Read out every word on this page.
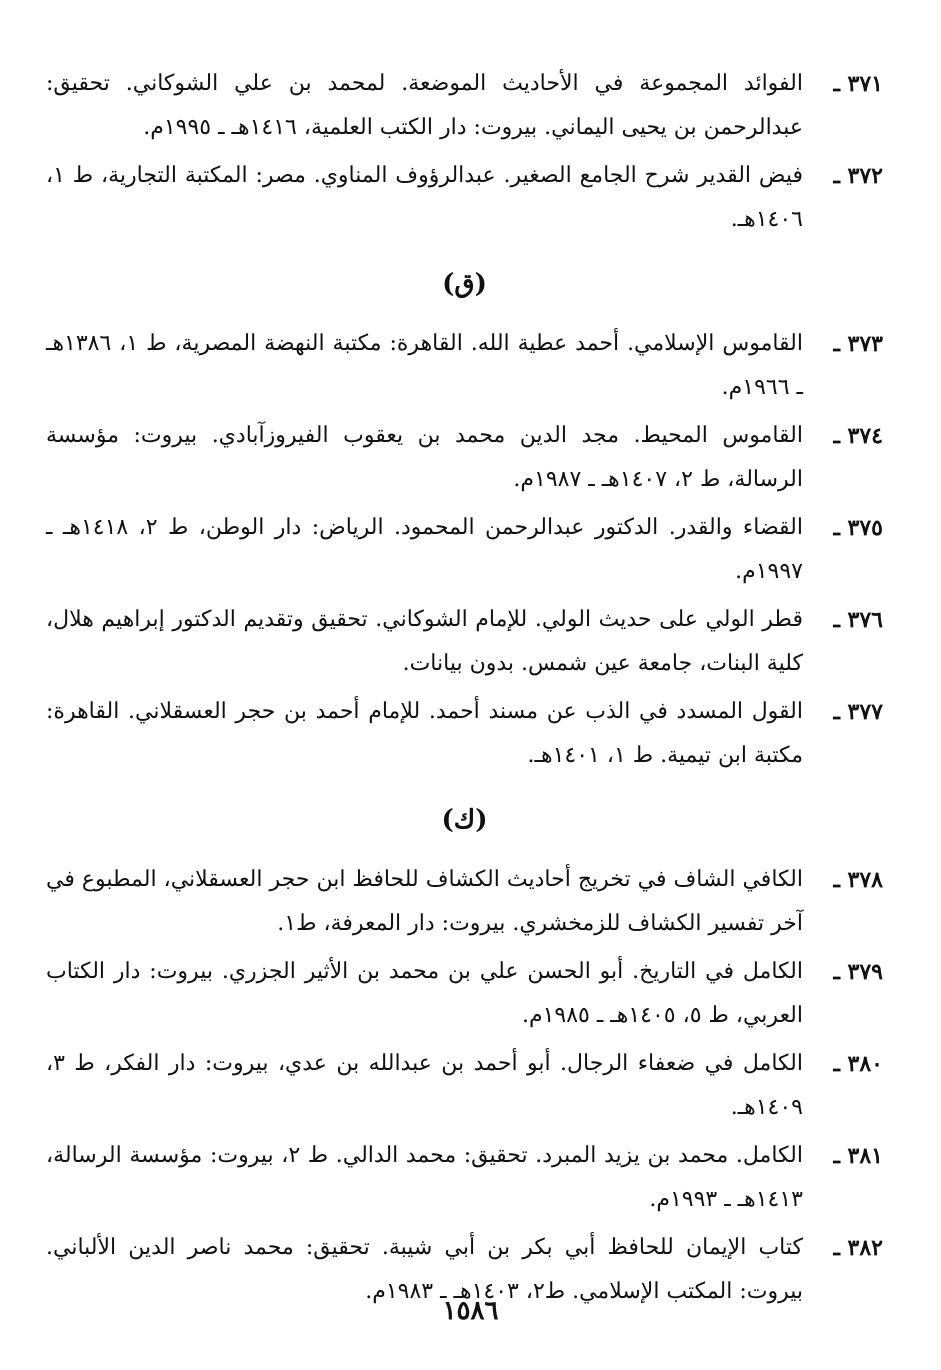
٣٧١ ـ
الفوائد المجموعة في الأحاديث الموضعة. لمحمد بن علي الشوكاني. تحقيق: عبدالرحمن بن يحيى اليماني. بيروت: دار الكتب العلمية، ١٤١٦هـ ـ ١٩٩٥م.
٣٧٢ ـ
فيض القدير شرح الجامع الصغير. عبدالرؤوف المناوي. مصر: المكتبة التجارية، ط ١، ١٤٠٦هـ.
(ق)
٣٧٣ ـ
القاموس الإسلامي. أحمد عطية الله. القاهرة: مكتبة النهضة المصرية، ط ١، ١٣٨٦هـ ـ ١٩٦٦م.
٣٧٤ ـ
القاموس المحيط. مجد الدين محمد بن يعقوب الفيروزآبادي. بيروت: مؤسسة الرسالة، ط ٢، ١٤٠٧هـ ـ ١٩٨٧م.
٣٧٥ ـ
القضاء والقدر. الدكتور عبدالرحمن المحمود. الرياض: دار الوطن، ط ٢، ١٤١٨هـ ـ ١٩٩٧م.
٣٧٦ ـ
قطر الولي على حديث الولي. للإمام الشوكاني. تحقيق وتقديم الدكتور إبراهيم هلال، كلية البنات، جامعة عين شمس. بدون بيانات.
٣٧٧ ـ
القول المسدد في الذب عن مسند أحمد. للإمام أحمد بن حجر العسقلاني. القاهرة: مكتبة ابن تيمية. ط ١، ١٤٠١هـ.
(ك)
٣٧٨ ـ
الكافي الشاف في تخريج أحاديث الكشاف للحافظ ابن حجر العسقلاني، المطبوع في آخر تفسير الكشاف للزمخشري. بيروت: دار المعرفة، ط١.
٣٧٩ ـ
الكامل في التاريخ. أبو الحسن علي بن محمد بن الأثير الجزري. بيروت: دار الكتاب العربي، ط ٥، ١٤٠٥هـ ـ ١٩٨٥م.
٣٨٠ ـ
الكامل في ضعفاء الرجال. أبو أحمد بن عبدالله بن عدي، بيروت: دار الفكر، ط ٣، ١٤٠٩هـ.
٣٨١ ـ
الكامل. محمد بن يزيد المبرد. تحقيق: محمد الدالي. ط ٢، بيروت: مؤسسة الرسالة، ١٤١٣هـ ـ ١٩٩٣م.
٣٨٢ ـ
كتاب الإيمان للحافظ أبي بكر بن أبي شيبة. تحقيق: محمد ناصر الدين الألباني. بيروت: المكتب الإسلامي. ط٢، ١٤٠٣هـ ـ ١٩٨٣م.
١٥٨٦
